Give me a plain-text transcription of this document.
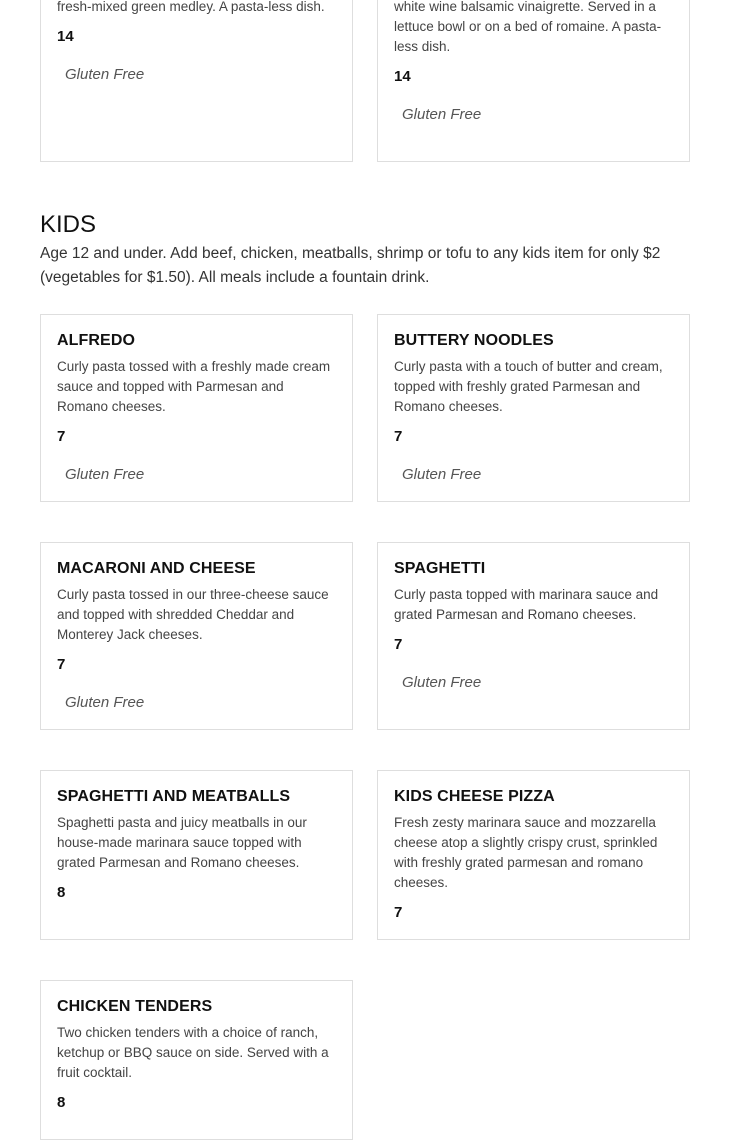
fresh-mixed green medley. A pasta-less dish.

14
Gluten Free

white wine balsamic vinaigrette. Served in a lettuce bowl or on a bed of romaine. A pasta-less dish.

14
Gluten Free
KIDS

Age 12 and under. Add beef, chicken, meatballs, shrimp or tofu to any kids item for only $2 (vegetables for $1.50). All meals include a fountain drink.

ALFREDO

Curly pasta tossed with a freshly made cream sauce and topped with Parmesan and Romano cheeses.

7
Gluten Free
BUTTERY NOODLES

Curly pasta with a touch of butter and cream, topped with freshly grated Parmesan and Romano cheeses.

7
Gluten Free
MACARONI AND CHEESE

Curly pasta tossed in our three-cheese sauce and topped with shredded Cheddar and Monterey Jack cheeses.

7
Gluten Free
SPAGHETTI

Curly pasta topped with marinara sauce and grated Parmesan and Romano cheeses.

7
Gluten Free
SPAGHETTI AND MEATBALLS

Spaghetti pasta and juicy meatballs in our house-made marinara sauce topped with grated Parmesan and Romano cheeses.

8
KIDS CHEESE PIZZA

Fresh zesty marinara sauce and mozzarella cheese atop a slightly crispy crust, sprinkled with freshly grated parmesan and romano cheeses.

7
CHICKEN TENDERS

Two chicken tenders with a choice of ranch, ketchup or BBQ sauce on side. Served with a fruit cocktail.

8
